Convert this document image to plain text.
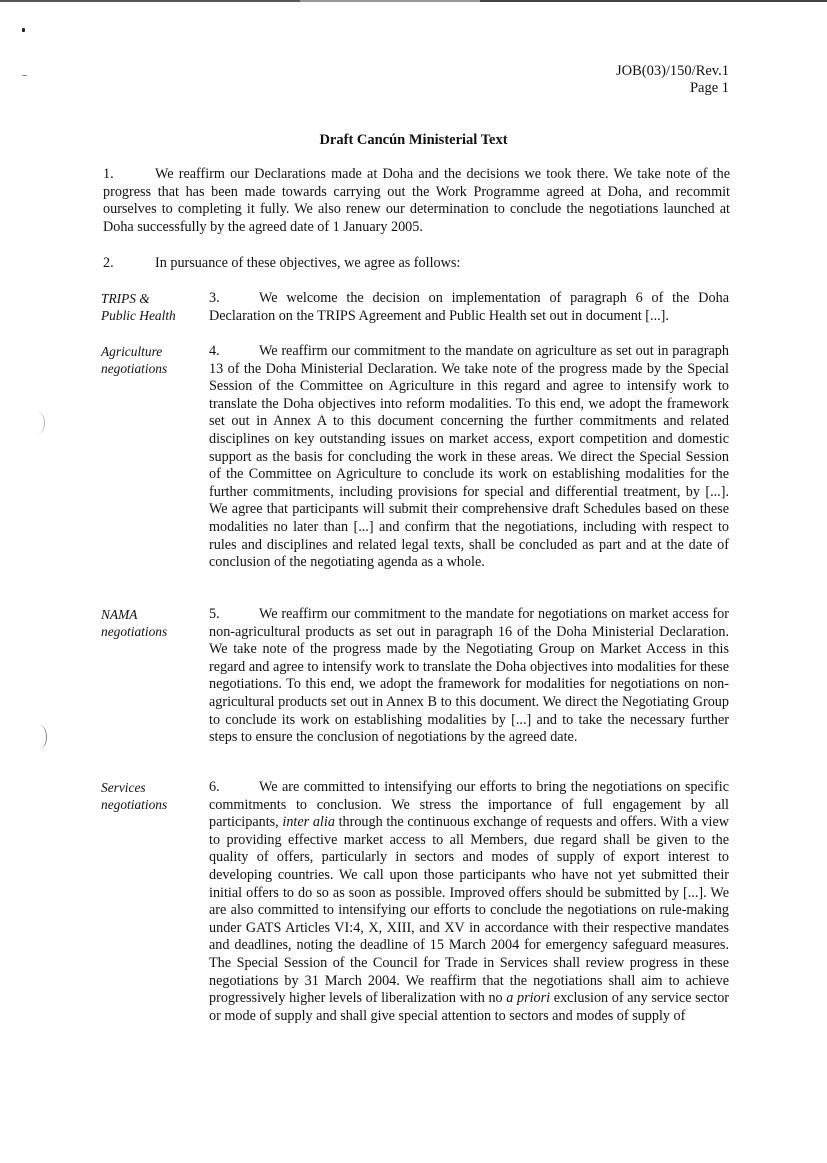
JOB(03)/150/Rev.1
Page 1
Draft Cancún Ministerial Text
1.	We reaffirm our Declarations made at Doha and the decisions we took there. We take note of the progress that has been made towards carrying out the Work Programme agreed at Doha, and recommit ourselves to completing it fully. We also renew our determination to conclude the negotiations launched at Doha successfully by the agreed date of 1 January 2005.
2.	In pursuance of these objectives, we agree as follows:
TRIPS &
Public Health
3.	We welcome the decision on implementation of paragraph 6 of the Doha Declaration on the TRIPS Agreement and Public Health set out in document [...].
Agriculture
negotiations
4.	We reaffirm our commitment to the mandate on agriculture as set out in paragraph 13 of the Doha Ministerial Declaration. We take note of the progress made by the Special Session of the Committee on Agriculture in this regard and agree to intensify work to translate the Doha objectives into reform modalities. To this end, we adopt the framework set out in Annex A to this document concerning the further commitments and related disciplines on key outstanding issues on market access, export competition and domestic support as the basis for concluding the work in these areas. We direct the Special Session of the Committee on Agriculture to conclude its work on establishing modalities for the further commitments, including provisions for special and differential treatment, by [...]. We agree that participants will submit their comprehensive draft Schedules based on these modalities no later than [...] and confirm that the negotiations, including with respect to rules and disciplines and related legal texts, shall be concluded as part and at the date of conclusion of the negotiating agenda as a whole.
NAMA
negotiations
5.	We reaffirm our commitment to the mandate for negotiations on market access for non-agricultural products as set out in paragraph 16 of the Doha Ministerial Declaration. We take note of the progress made by the Negotiating Group on Market Access in this regard and agree to intensify work to translate the Doha objectives into modalities for these negotiations. To this end, we adopt the framework for modalities for negotiations on non-agricultural products set out in Annex B to this document. We direct the Negotiating Group to conclude its work on establishing modalities by [...] and to take the necessary further steps to ensure the conclusion of negotiations by the agreed date.
Services
negotiations
6.	We are committed to intensifying our efforts to bring the negotiations on specific commitments to conclusion. We stress the importance of full engagement by all participants, inter alia through the continuous exchange of requests and offers. With a view to providing effective market access to all Members, due regard shall be given to the quality of offers, particularly in sectors and modes of supply of export interest to developing countries. We call upon those participants who have not yet submitted their initial offers to do so as soon as possible. Improved offers should be submitted by [...]. We are also committed to intensifying our efforts to conclude the negotiations on rule-making under GATS Articles VI:4, X, XIII, and XV in accordance with their respective mandates and deadlines, noting the deadline of 15 March 2004 for emergency safeguard measures. The Special Session of the Council for Trade in Services shall review progress in these negotiations by 31 March 2004. We reaffirm that the negotiations shall aim to achieve progressively higher levels of liberalization with no a priori exclusion of any service sector or mode of supply and shall give special attention to sectors and modes of supply of
